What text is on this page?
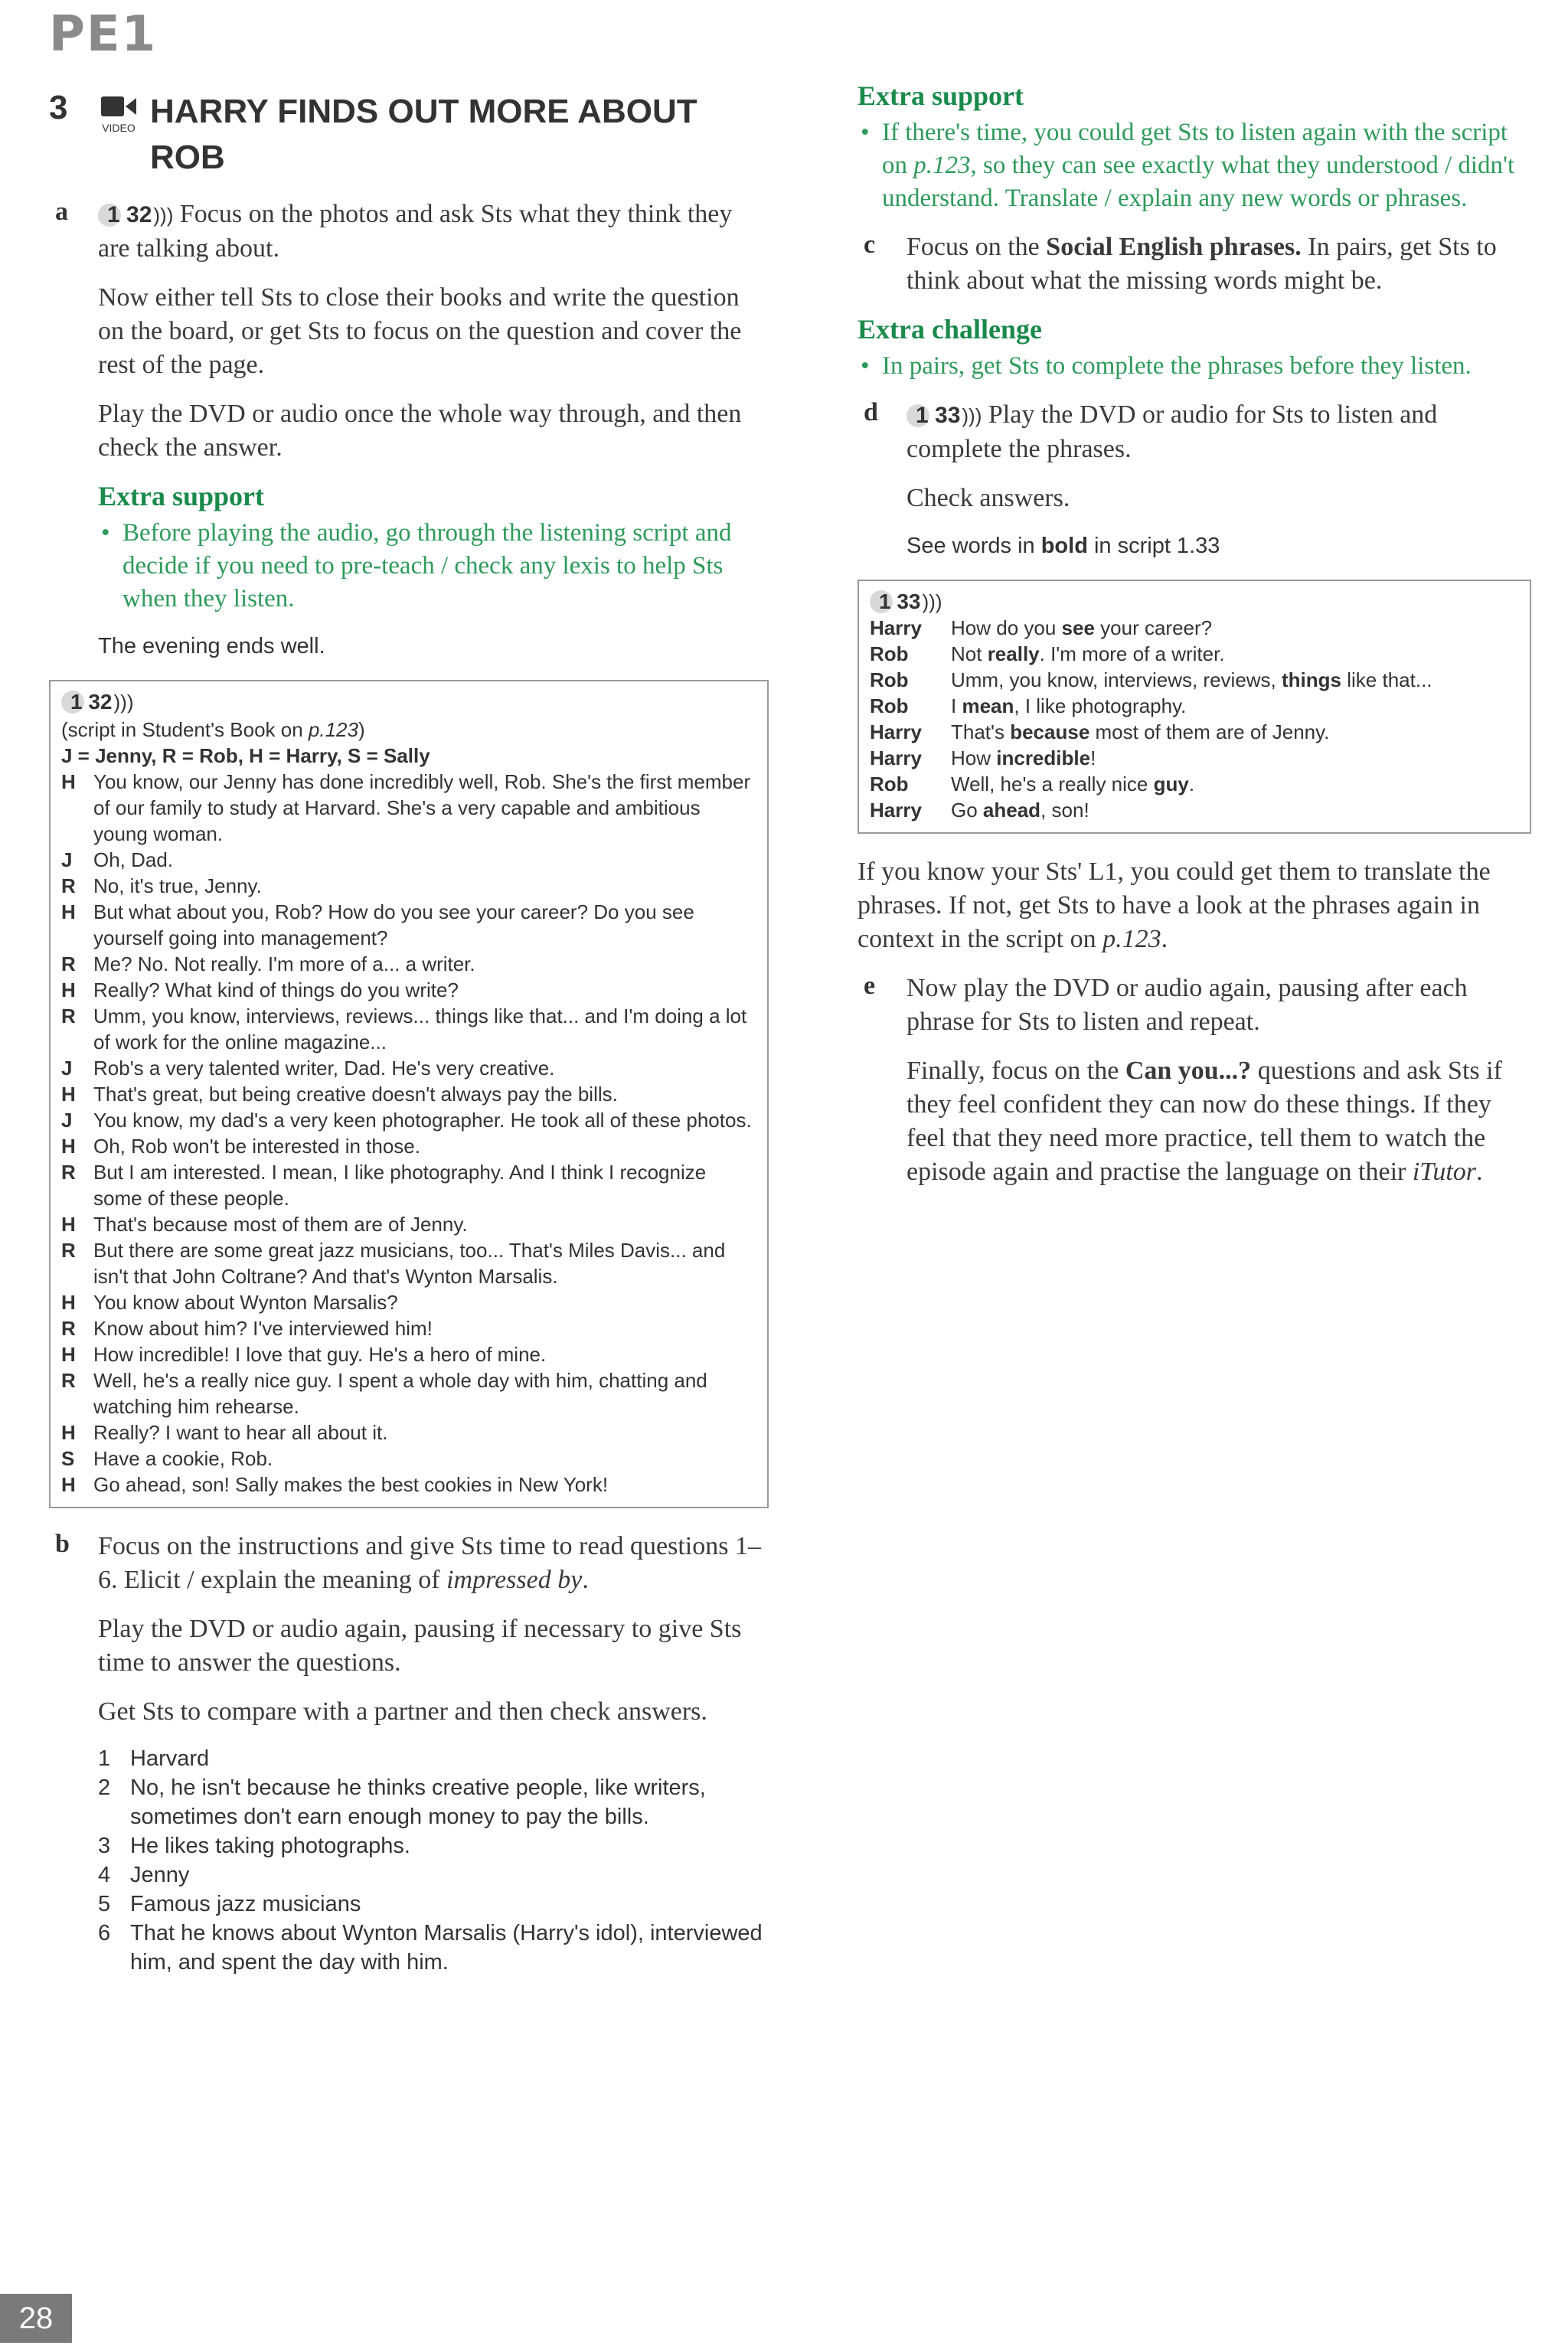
PE1
3
VIDEO HARRY FINDS OUT MORE ABOUT ROB
a	1 32))) Focus on the photos and ask Sts what they think they are talking about.

Now either tell Sts to close their books and write the question on the board, or get Sts to focus on the question and cover the rest of the page.

Play the DVD or audio once the whole way through, and then check the answer.

Extra support
• Before playing the audio, go through the listening script and decide if you need to pre-teach / check any lexis to help Sts when they listen.
The evening ends well.
1 32)))
(script in Student's Book on p.123)
J = Jenny, R = Rob, H = Harry, S = Sally
H You know, our Jenny has done incredibly well, Rob. She's the first member of our family to study at Harvard. She's a very capable and ambitious young woman.
J	Oh, Dad.
R No, it's true, Jenny.
H But what about you, Rob? How do you see your career? Do you see yourself going into management?
R Me? No. Not really. I'm more of a... a writer.
H Really? What kind of things do you write?
R Umm, you know, interviews, reviews... things like that... and I'm doing a lot of work for the online magazine...
J	Rob's a very talented writer, Dad. He's very creative.
H That's great, but being creative doesn't always pay the bills.
J	You know, my dad's a very keen photographer. He took all of these photos.
H Oh, Rob won't be interested in those.
R But I am interested. I mean, I like photography. And I think I recognize some of these people.
H That's because most of them are of Jenny.
R But there are some great jazz musicians, too... That's Miles Davis... and isn't that John Coltrane? And that's Wynton Marsalis.
H You know about Wynton Marsalis?
R Know about him? I've interviewed him!
H How incredible! I love that guy. He's a hero of mine.
R Well, he's a really nice guy. I spent a whole day with him, chatting and watching him rehearse.
H Really? I want to hear all about it.
S Have a cookie, Rob.
H Go ahead, son! Sally makes the best cookies in New York!
b Focus on the instructions and give Sts time to read questions 1–6. Elicit / explain the meaning of impressed by.

Play the DVD or audio again, pausing if necessary to give Sts time to answer the questions.

Get Sts to compare with a partner and then check answers.

1 Harvard
2 No, he isn't because he thinks creative people, like writers, sometimes don't earn enough money to pay the bills.
3 He likes taking photographs.
4 Jenny
5 Famous jazz musicians
6 That he knows about Wynton Marsalis (Harry's idol), interviewed him, and spent the day with him.
Extra support
• If there's time, you could get Sts to listen again with the script on p.123, so they can see exactly what they understood / didn't understand. Translate / explain any new words or phrases.
c Focus on the Social English phrases. In pairs, get Sts to think about what the missing words might be.

Extra challenge
• In pairs, get Sts to complete the phrases before they listen.
d	1 33))) Play the DVD or audio for Sts to listen and complete the phrases.

Check answers.

See words in bold in script 1.33
1 33)))
Harry	How do you see your career?
Rob	Not really. I'm more of a writer.
Rob	Umm, you know, interviews, reviews, things like that...
Rob	I mean, I like photography.
Harry	That's because most of them are of Jenny.
Harry	How incredible!
Rob	Well, he's a really nice guy.
Harry	Go ahead, son!

If you know your Sts' L1, you could get them to translate the phrases. If not, get Sts to have a look at the phrases again in context in the script on p.123.

e Now play the DVD or audio again, pausing after each phrase for Sts to listen and repeat.

Finally, focus on the Can you...? questions and ask Sts if they feel confident they can now do these things. If they feel that they need more practice, tell them to watch the episode again and practise the language on their iTutor.

28
